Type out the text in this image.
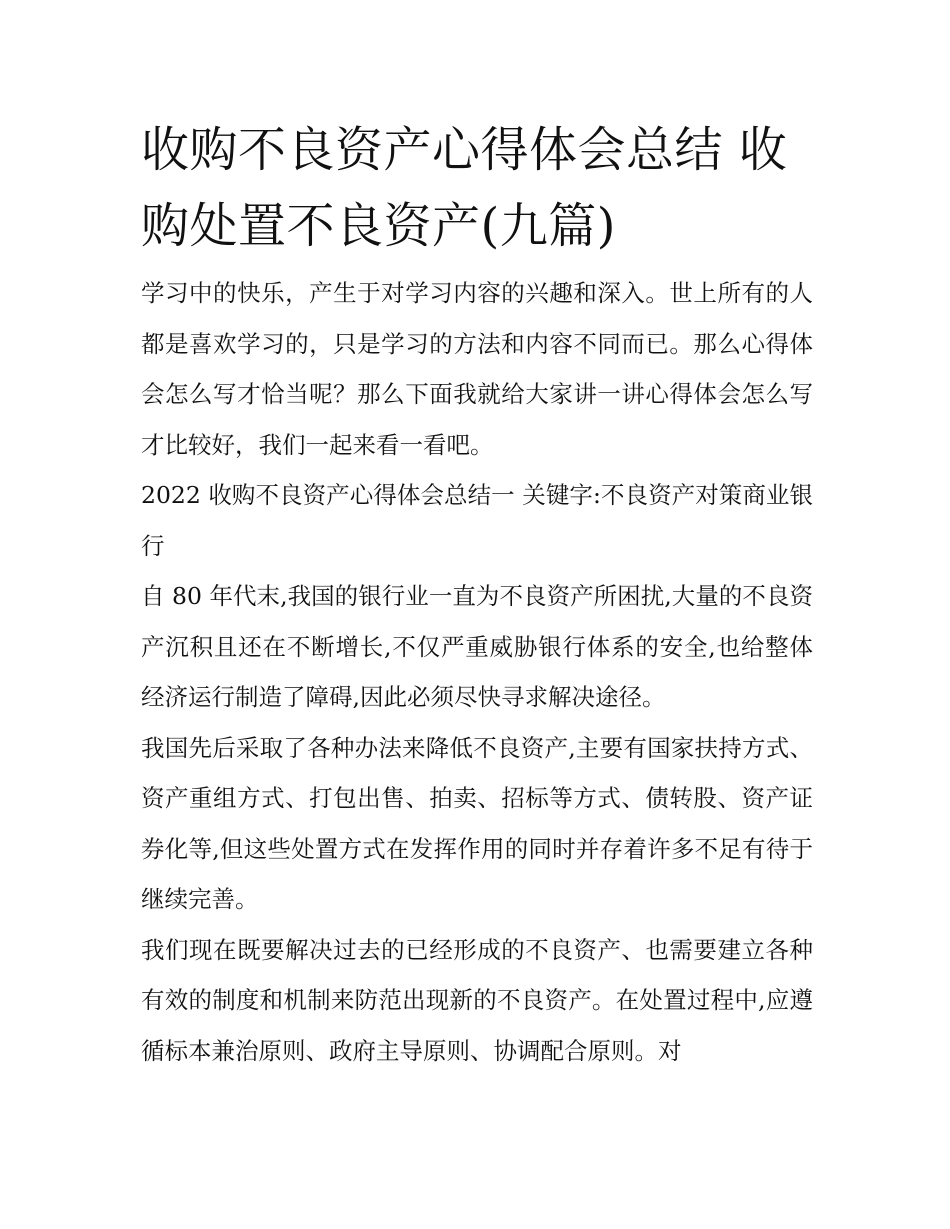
收购不良资产心得体会总结 收购处置不良资产(九篇)

学习中的快乐，产生于对学习内容的兴趣和深入。世上所有的人都是喜欢学习的，只是学习的方法和内容不同而已。那么心得体会怎么写才恰当呢？那么下面我就给大家讲一讲心得体会怎么写才比较好，我们一起来看一看吧。

2022 收购不良资产心得体会总结一 关键字:不良资产对策商业银行

自 80 年代末,我国的银行业一直为不良资产所困扰,大量的不良资产沉积且还在不断增长,不仅严重威胁银行体系的安全,也给整体经济运行制造了障碍,因此必须尽快寻求解决途径。

我国先后采取了各种办法来降低不良资产,主要有国家扶持方式、资产重组方式、打包出售、拍卖、招标等方式、债转股、资产证券化等,但这些处置方式在发挥作用的同时并存着许多不足有待于继续完善。

我们现在既要解决过去的已经形成的不良资产、也需要建立各种有效的制度和机制来防范出现新的不良资产。在处置过程中,应遵循标本兼治原则、政府主导原则、协调配合原则。对
